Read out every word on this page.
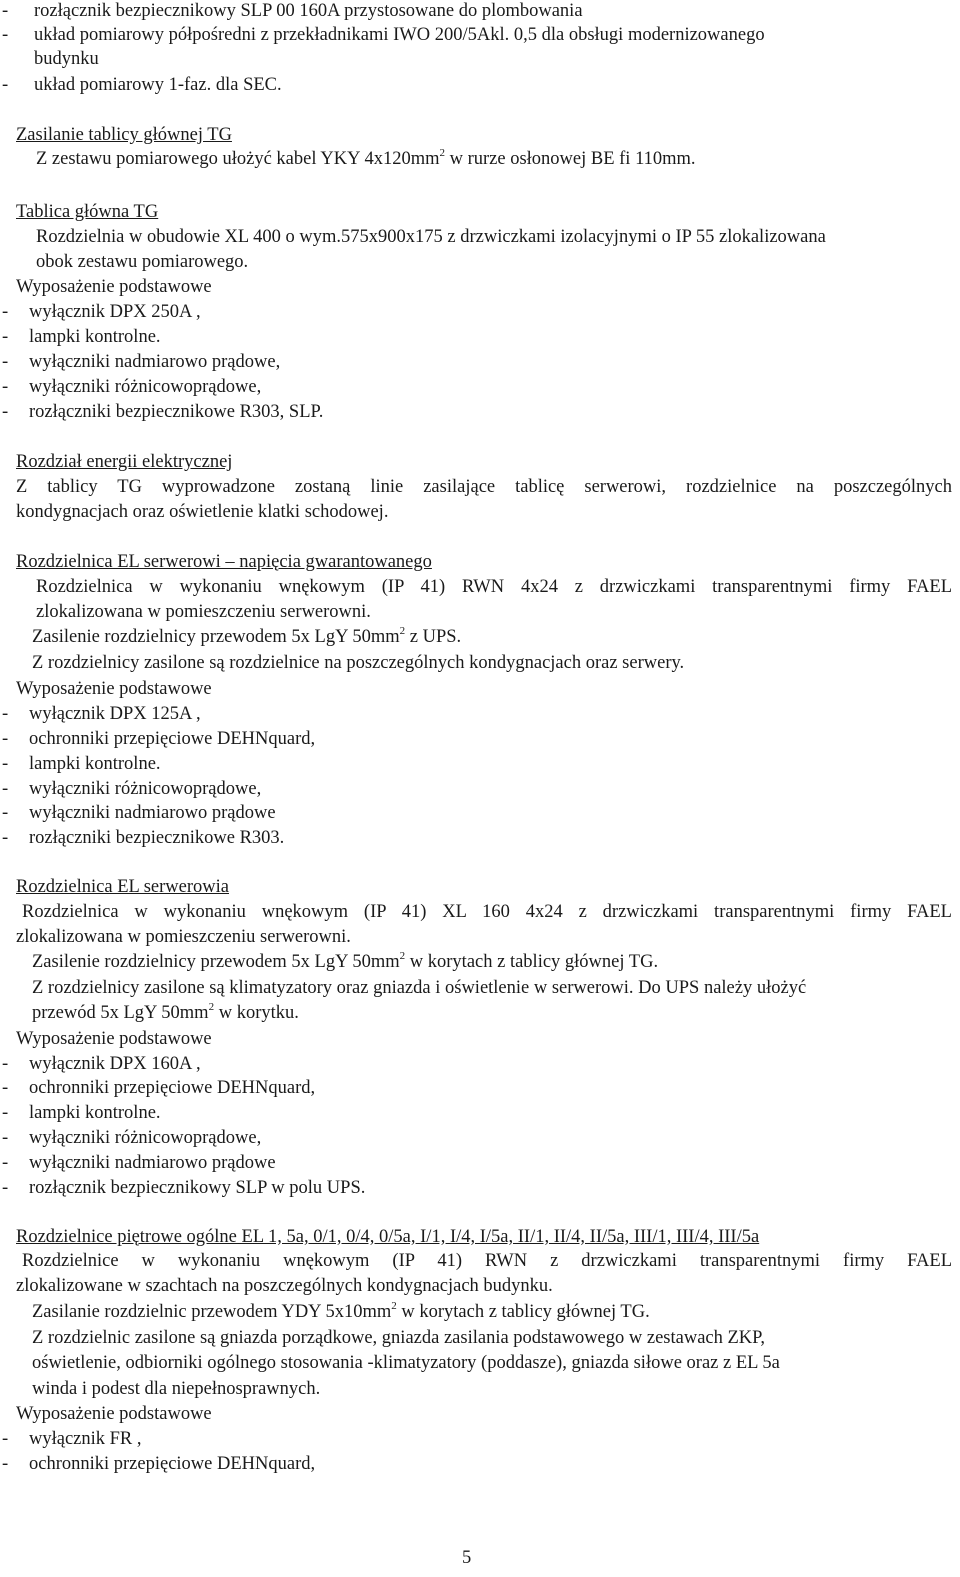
- rozłącznik bezpiecznikowy SLP 00 160A przystosowane do plombowania
- układ pomiarowy półpośredni z przekładnikami IWO 200/5Akl. 0,5 dla obsługi modernizowanego
budynku
- układ pomiarowy 1-faz. dla SEC.
Zasilanie tablicy głównej TG
Z zestawu pomiarowego ułożyć kabel YKY $4x120mm^2$ w rurze osłonowej BE fi 110mm.
Tablica główna TG
Rozdzielnia w obudowie XL 400 o wym.575x900x175 z drzwiczkami izolacyjnymi o IP 55 zlokalizowana
obok zestawu pomiarowego.
Wyposażenie podstawowe
- wyłącznik DPX 250A ,
- lampki kontrolne.
- wyłączniki nadmiarowo prądowe,
- wyłączniki różnicowoprądowe,
- rozłączniki bezpiecznikowe R303, SLP.
Rozdział energii elektrycznej
Z tablicy TG wyprowadzone zostaną linie zasilające tablicę serwerowi, rozdzielnice na poszczególnych
kondygnacjach oraz oświetlenie klatki schodowej.
Rozdzielnica EL serwerowi – napięcia gwarantowanego
Rozdzielnica w wykonaniu wnękowym (IP 41) RWN 4x24 z drzwiczkami transparentnymi firmy FAEL
zlokalizowana w pomieszczeniu serwerowni.
Zasilenie rozdzielnicy przewodem 5x LgY $50mm^2$ z UPS.
Z rozdzielnicy zasilone są rozdzielnice na poszczególnych kondygnacjach oraz serwery.
Wyposażenie podstawowe
- wyłącznik DPX 125A ,
- ochronniki przepięciowe DEHNquard,
- lampki kontrolne.
- wyłączniki różnicowoprądowe,
- wyłączniki nadmiarowo prądowe
- rozłączniki bezpiecznikowe R303.
Rozdzielnica EL serwerowia
Rozdzielnica w wykonaniu wnękowym (IP 41) XL 160 4x24 z drzwiczkami transparentnymi firmy FAEL
zlokalizowana w pomieszczeniu serwerowni.
Zasilenie rozdzielnicy przewodem 5x LgY $50mm^2$ w korytach z tablicy głównej TG.
Z rozdzielnicy zasilone są klimatyzatory oraz gniazda i oświetlenie w serwerowi. Do UPS należy ułożyć
przewód 5x LgY $50mm^2$ w korytku.
Wyposażenie podstawowe
- wyłącznik DPX 160A ,
- ochronniki przepięciowe DEHNquard,
- lampki kontrolne.
- wyłączniki różnicowoprądowe,
- wyłączniki nadmiarowo prądowe
- rozłącznik bezpiecznikowy SLP w polu UPS.
Rozdzielnice piętrowe ogólne EL 1, 5a, 0/1, 0/4, 0/5a, I/1, I/4, I/5a, II/1, II/4, II/5a, III/1, III/4, III/5a
Rozdzielnice w wykonaniu wnękowym (IP 41) RWN z drzwiczkami transparentnymi firmy FAEL
zlokalizowane w szachtach na poszczególnych kondygnacjach budynku.
Zasilanie rozdzielnic przewodem YDY $5x10mm^2$ w korytach z tablicy głównej TG.
Z rozdzielnic zasilone są gniazda porządkowe, gniazda zasilania podstawowego w zestawach ZKP,
oświetlenie, odbiorniki ogólnego stosowania -klimatyzatory (poddasze), gniazda siłowe oraz z EL 5a
winda i podest dla niepełnosprawnych.
Wyposażenie podstawowe
- wyłącznik FR ,
- ochronniki przepięciowe DEHNquard,
5
